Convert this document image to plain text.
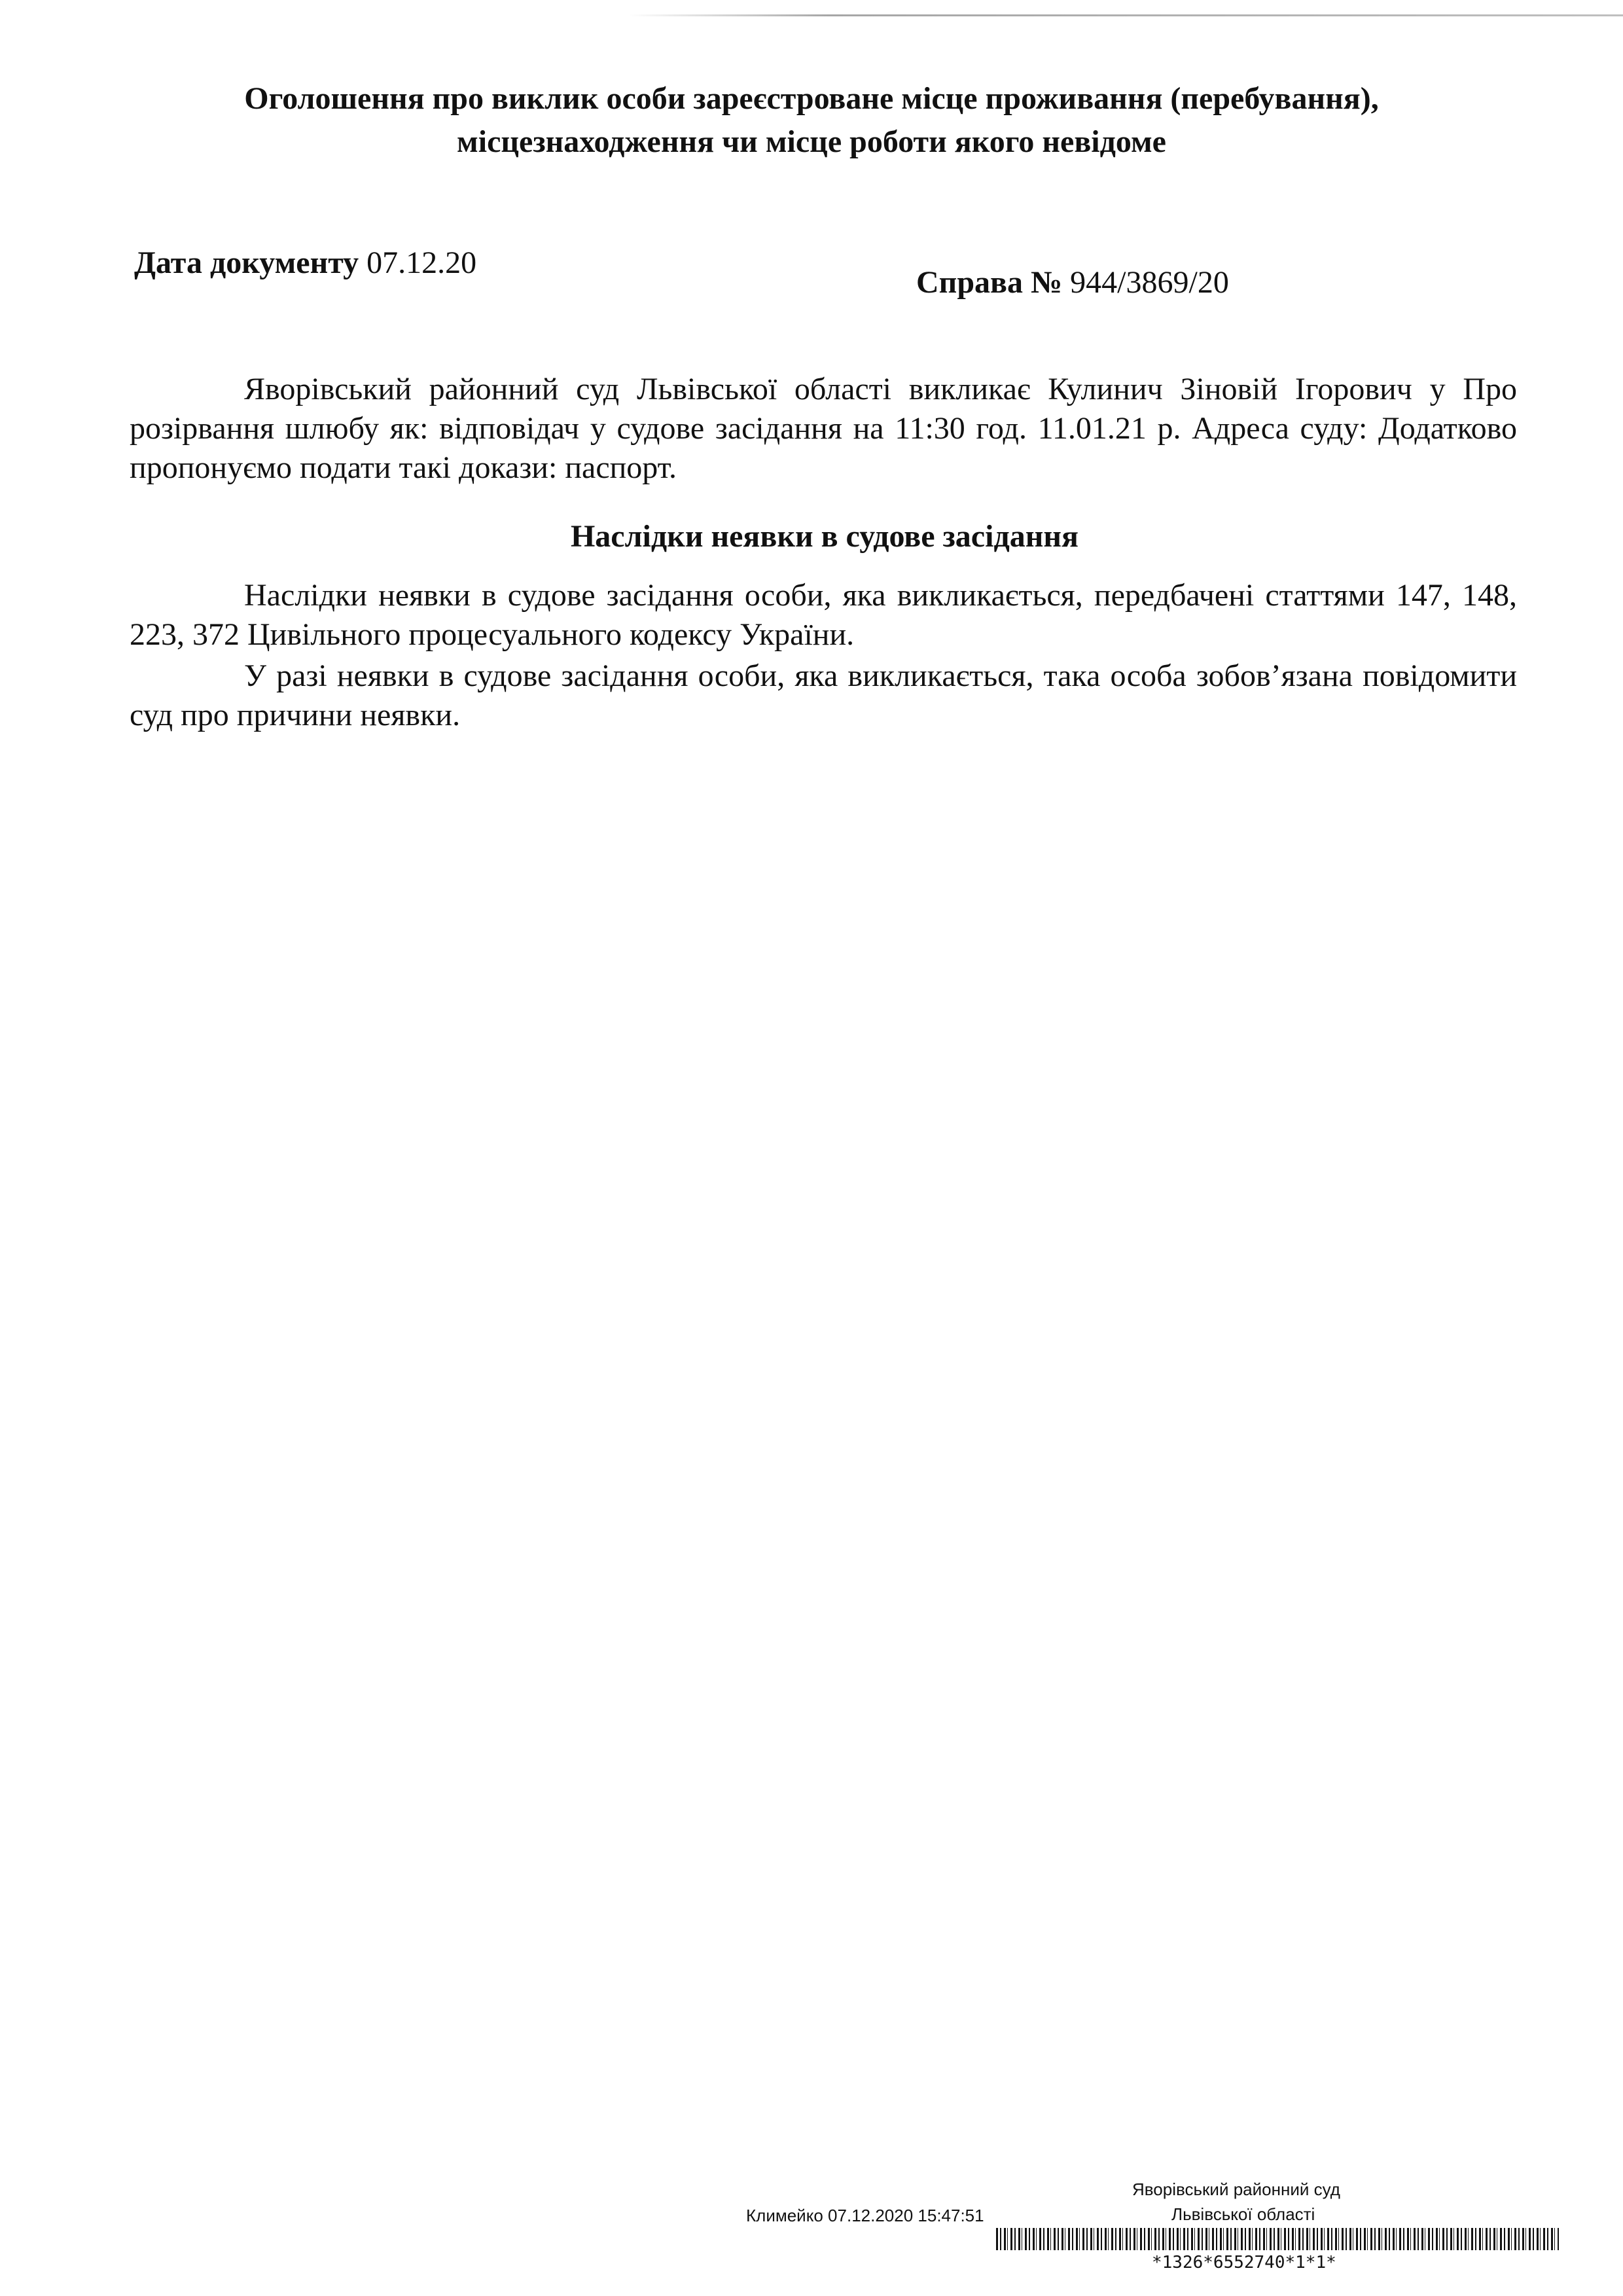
Оголошення про виклик особи зареєстроване місце проживання (перебування),
місцезнаходження чи місце роботи якого невідоме
Дата документу 07.12.20
Справа № 944/3869/20
Яворівський районний суд Львівської області викликає Кулинич Зіновій Ігорович у Про розірвання шлюбу як: відповідач у судове засідання на 11:30 год. 11.01.21 р. Адреса суду: Додатково пропонуємо подати такі докази: паспорт.
Наслідки неявки в судове засідання
Наслідки неявки в судове засідання особи, яка викликається, передбачені статтями 147, 148, 223, 372 Цивільного процесуального кодексу України.
У разі неявки в судове засідання особи, яка викликається, така особа зобов’язана повідомити суд про причини неявки.
Яворівський районний суд
Львівської області
Климейко 07.12.2020 15:47:51
*1326*6552740*1*1*
